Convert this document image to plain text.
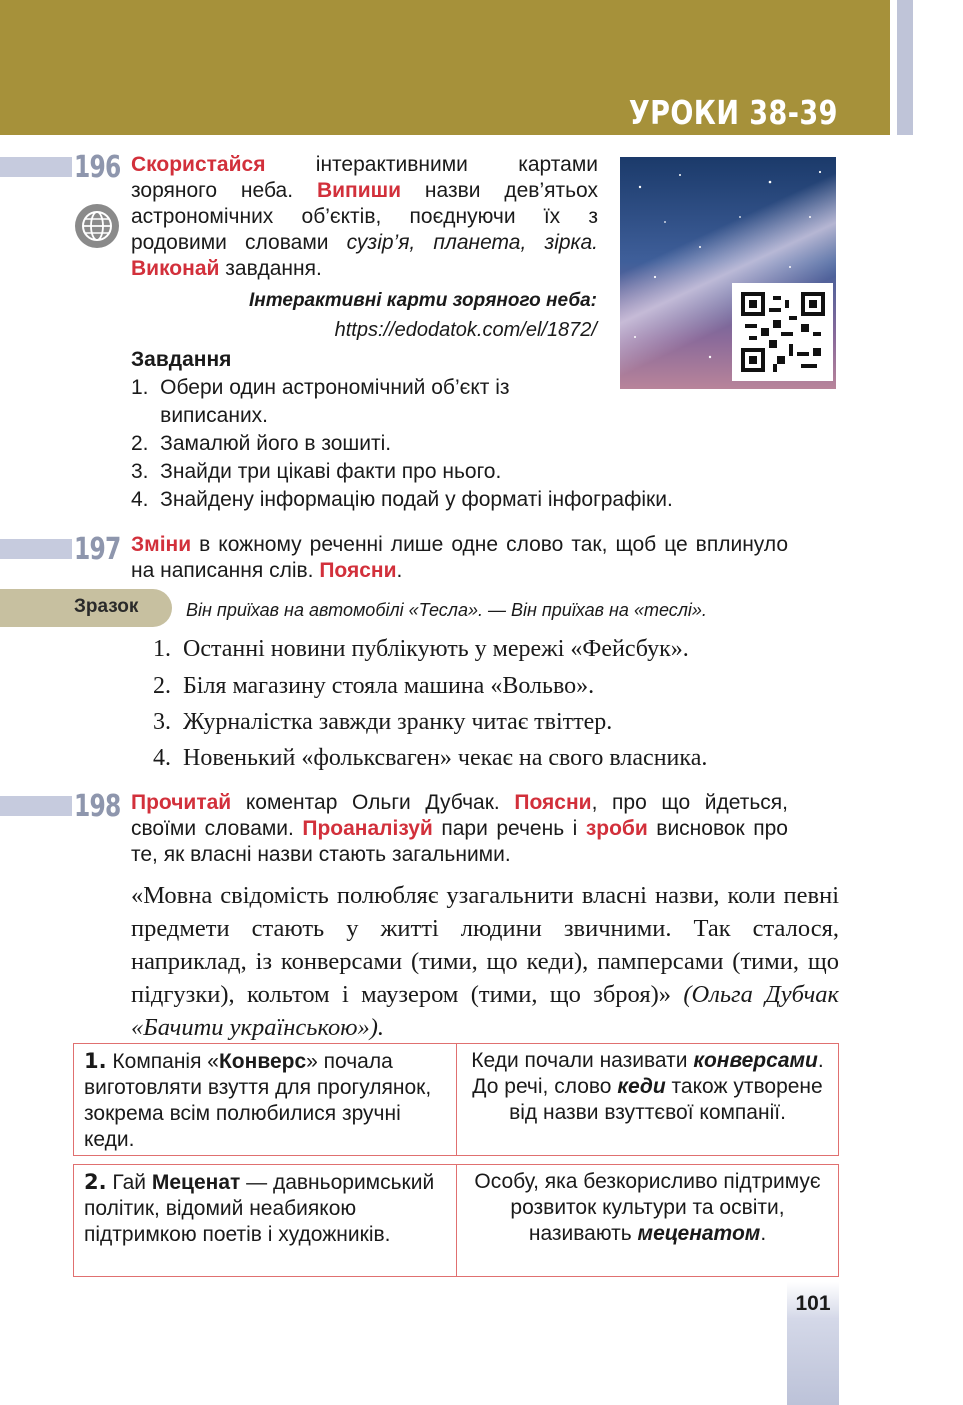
УРОКИ 38-39
196 Скористайся інтерактивними картами зоряного неба. Випиши назви дев’ятьох астрономічних об’єктів, поєднуючи їх з родовими словами сузір’я, планета, зірка. Виконай завдання.
Інтерактивні карти зоряного неба:
https://edodatok.com/el/1872/
Завдання
1.  Обери один астрономічний об’єкт із
виписаних.
2.  Замалюй його в зошиті.
3.  Знайди три цікаві факти про нього.
4.  Знайдену інформацію подай у форматі інфографіки.
197 Зміни в кожному реченні лише одне слово так, щоб це вплинуло на написання слів. Поясни.
Зразок	Він приїхав на автомобілі «Тесла». — Він приїхав на «теслі».
1.  Останні новини публікують у мережі «Фейсбук».
2.  Біля магазину стояла машина «Вольво».
3.  Журналістка завжди зранку читає твіттер.
4.  Новенький «фольксваген» чекає на свого власника.
198 Прочитай коментар Ольги Дубчак. Поясни, про що йдеться, своїми словами. Проаналізуй пари речень і зроби висновок про те, як власні назви стають загальними.
«Мовна свідомість полюбляє узагальнити власні назви, коли певні предмети стають у житті людини звичними. Так сталося, наприклад, із конверсами (тими, що кеди), памперсами (тими, що підгузки), кольтом і маузером (тими, що зброя)» (Ольга Дубчак «Бачити українською»).
1. Компанія «Конверс» почала виготовляти взуття для прогулянок, зокрема всім полюбилися зручні кеди.
Кеди почали називати конверсами. До речі, слово кеди також утворене від назви взуттєвої компанії.
2. Гай Меценат — давньоримський політик, відомий неабиякою підтримкою поетів і художників.
Особу, яка безкорисливо підтримує розвиток культури та освіти, називають меценатом.
101
